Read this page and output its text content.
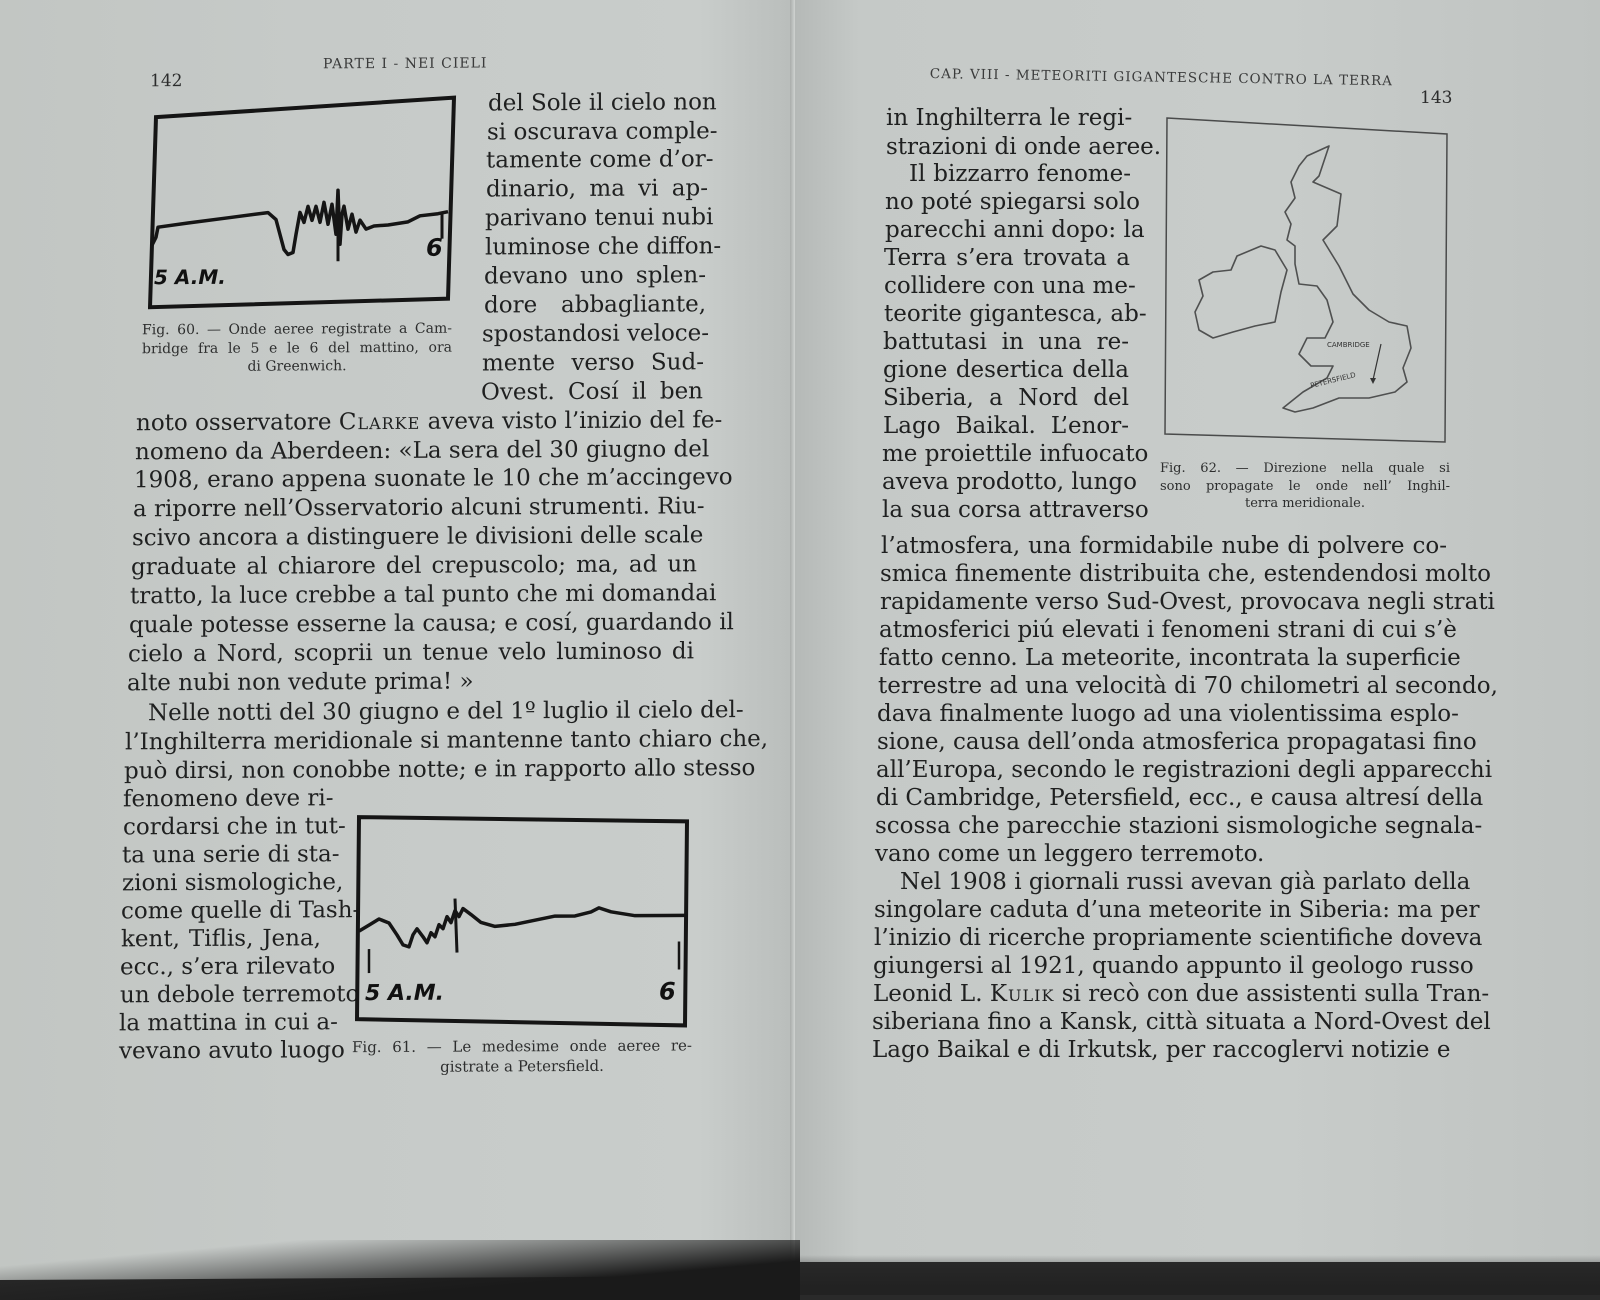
142
PARTE I - NEI CIELI
5 A.M.
6
Fig. 60. — Onde aeree registrate a Cam-
bridge fra le 5 e le 6 del mattino, ora
di Greenwich.
del Sole il cielo non
si oscurava comple-
tamente come d’or-
dinario, ma vi ap-
parivano tenui nubi
luminose che diffon-
devano uno splen-
dore abbagliante,
spostandosi veloce-
mente verso Sud-
Ovest. Cosí il ben
noto osservatore Clarke aveva visto l’inizio del fe-
nomeno da Aberdeen: «La sera del 30 giugno del
1908, erano appena suonate le 10 che m’accingevo
a riporre nell’Osservatorio alcuni strumenti. Riu-
scivo ancora a distinguere le divisioni delle scale
graduate al chiarore del crepuscolo; ma, ad un
tratto, la luce crebbe a tal punto che mi domandai
quale potesse esserne la causa; e cosí, guardando il
cielo a Nord, scoprii un tenue velo luminoso di
alte nubi non vedute prima! »
Nelle notti del 30 giugno e del 1º luglio il cielo del-
l’Inghilterra meridionale si mantenne tanto chiaro che,
può dirsi, non conobbe notte; e in rapporto allo stesso
fenomeno deve ri-
cordarsi che in tut-
ta una serie di sta-
zioni sismologiche,
come quelle di Tash-
kent, Tiflis, Jena,
ecc., s’era rilevato
un debole terremoto
la mattina in cui a-
vevano avuto luogo
5 A.M.	6
Fig. 61. — Le medesime onde aeree re-
gistrate a Petersfield.
CAP. VIII - METEORITI GIGANTESCHE CONTRO LA TERRA
143
in Inghilterra le regi-
strazioni di onde aeree.
Il bizzarro fenome-
no poté spiegarsi solo
parecchi anni dopo: la
Terra s’era trovata a
collidere con una me-
teorite gigantesca, ab-
battutasi in una re-
gione desertica della
Siberia, a Nord del
Lago Baikal. L’enor-
me proiettile infuocato
aveva prodotto, lungo
la sua corsa attraverso
CAMBRIDGE
PETERSFIELD
Fig. 62. — Direzione nella quale si
sono propagate le onde nell’ Inghil-
terra meridionale.
l’atmosfera, una formidabile nube di polvere co-
smica finemente distribuita che, estendendosi molto
rapidamente verso Sud-Ovest, provocava negli strati
atmosferici piú elevati i fenomeni strani di cui s’è
fatto cenno. La meteorite, incontrata la superficie
terrestre ad una velocità di 70 chilometri al secondo,
dava finalmente luogo ad una violentissima esplo-
sione, causa dell’onda atmosferica propagatasi fino
all’Europa, secondo le registrazioni degli apparecchi
di Cambridge, Petersfield, ecc., e causa altresí della
scossa che parecchie stazioni sismologiche segnala-
vano come un leggero terremoto.
Nel 1908 i giornali russi avevan già parlato della
singolare caduta d’una meteorite in Siberia: ma per
l’inizio di ricerche propriamente scientifiche doveva
giungersi al 1921, quando appunto il geologo russo
Leonid L. Kulik si recò con due assistenti sulla Tran-
siberiana fino a Kansk, città situata a Nord-Ovest del
Lago Baikal e di Irkutsk, per raccoglervi notizie e
